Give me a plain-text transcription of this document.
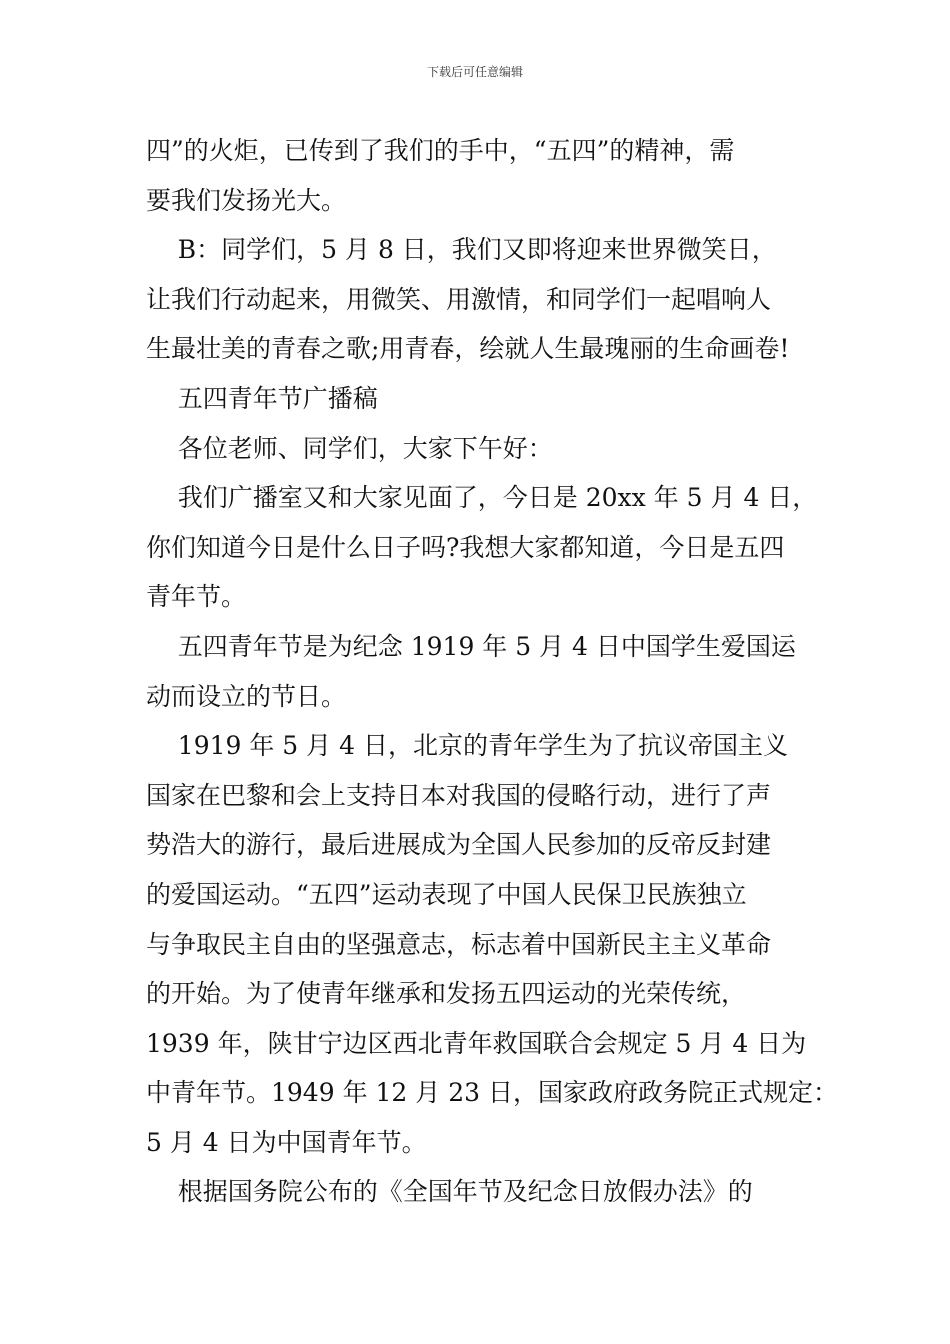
下载后可任意编辑

四”的火炬，已传到了我们的手中，“五四”的精神，需

要我们发扬光大。

B：同学们，5 月 8 日，我们又即将迎来世界微笑日，

让我们行动起来，用微笑、用激情，和同学们一起唱响人

生最壮美的青春之歌;用青春，绘就人生最瑰丽的生命画卷!

五四青年节广播稿

各位老师、同学们，大家下午好：

我们广播室又和大家见面了，今日是 20xx 年 5 月 4 日，

你们知道今日是什么日子吗?我想大家都知道，今日是五四

青年节。

五四青年节是为纪念 1919 年 5 月 4 日中国学生爱国运

动而设立的节日。

1919 年 5 月 4 日，北京的青年学生为了抗议帝国主义

国家在巴黎和会上支持日本对我国的侵略行动，进行了声

势浩大的游行，最后进展成为全国人民参加的反帝反封建

的爱国运动。“五四”运动表现了中国人民保卫民族独立

与争取民主自由的坚强意志，标志着中国新民主主义革命

的开始。为了使青年继承和发扬五四运动的光荣传统，

1939 年，陕甘宁边区西北青年救国联合会规定 5 月 4 日为

中青年节。1949 年 12 月 23 日，国家政府政务院正式规定：

5 月 4 日为中国青年节。

根据国务院公布的《全国年节及纪念日放假办法》的
